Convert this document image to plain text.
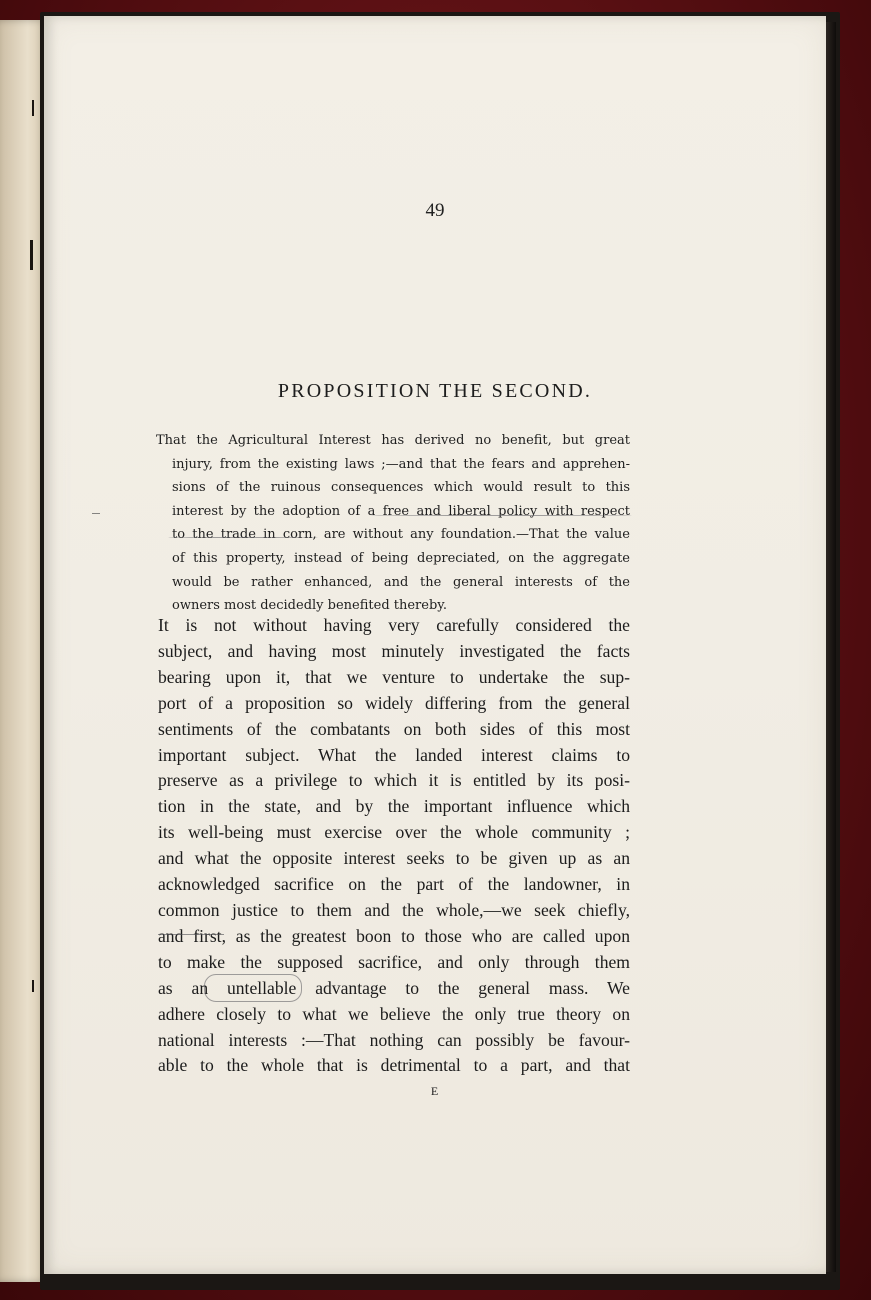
49
PROPOSITION THE SECOND.
That the Agricultural Interest has derived no benefit, but great
injury, from the existing laws ;—and that the fears and apprehen-
sions of the ruinous consequences which would result to this
interest by the adoption of a free and liberal policy with respect
to the trade in corn, are without any foundation.—That the value
of this property, instead of being depreciated, on the aggregate
would be rather enhanced, and the general interests of the
owners most decidedly benefited thereby.
It is not without having very carefully considered the
subject, and having most minutely investigated the facts
bearing upon it, that we venture to undertake the sup-
port of a proposition so widely differing from the general
sentiments of the combatants on both sides of this most
important subject. What the landed interest claims to
preserve as a privilege to which it is entitled by its posi-
tion in the state, and by the important influence which
its well-being must exercise over the whole community ;
and what the opposite interest seeks to be given up as an
acknowledged sacrifice on the part of the landowner, in
common justice to them and the whole,—we seek chiefly,
and first, as the greatest boon to those who are called upon
to make the supposed sacrifice, and only through them
as an untellable advantage to the general mass. We
adhere closely to what we believe the only true theory on
national interests :—That nothing can possibly be favour-
able to the whole that is detrimental to a part, and that
E
